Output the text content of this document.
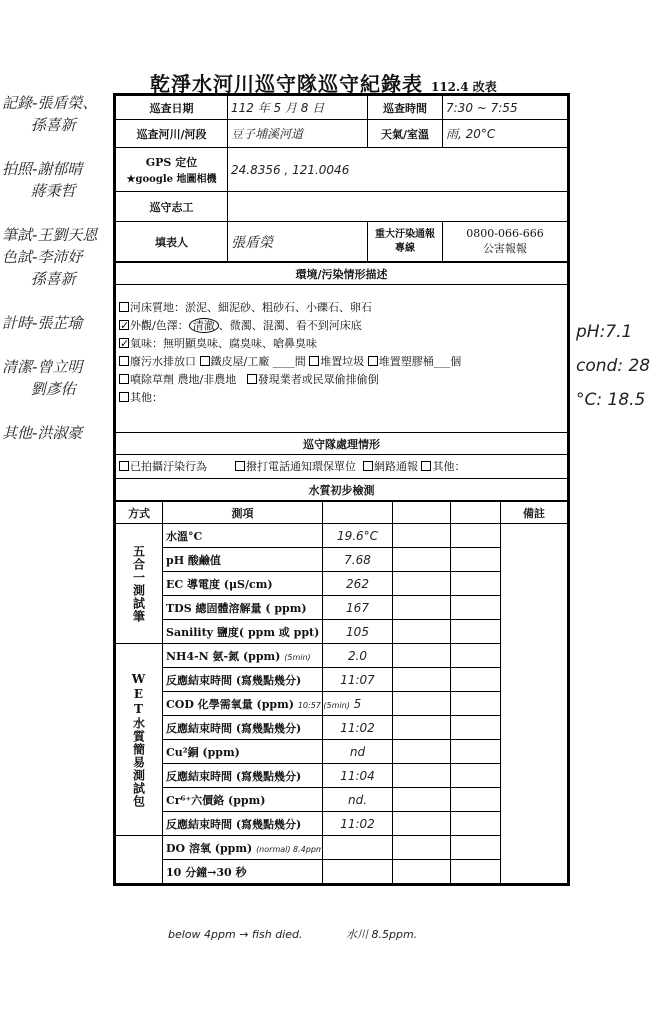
乾淨水河川巡守隊巡守紀錄表 112.4 改表
記錄-張盾榮、
孫喜新

拍照-謝郁晴
蔣秉哲

筆試-王劉天恩
色試-李沛妤
孫喜新

計時-張芷瑜

清潔-曾立明
劉彥佑

其他-洪淑豪
pH:7.1
cond: 28
°C: 18.5
巡查日期	112 年 5 月 8 日	巡查時間	7:30 ~ 7:55
巡查河川/河段	豆子埔溪河道	天氣/室溫	雨, 20°C

GPS 定位
★google 地圖相機	24.8356 , 121.0046		
巡守志工			
填表人	張盾榮	重大汙染通報專線	0800-066-666
公害報報
環境/污染情形描述

河床質地：淤泥、細泥砂、粗砂石、小礫石、卵石
✓外觀/色澤： 清澈 、微濁、混濁、看不到河床底
✓氣味：無明顯臭味、腐臭味、嗆鼻臭味
廢污水排放口 鐵皮屋/工廠 ____間 堆置垃圾 堆置塑膠桶___個
噴除草劑 農地/非農地 發現業者或民眾偷排偷倒
其他：

巡守隊處理情形
已拍攝汙染行為	撥打電話通知環保單位 網路通報 其他：
水質初步檢測
方式	測項				備註

五合一測試筆	水溫°C	19.6°C			
	pH 酸鹼值	7.68			
	EC 導電度 (μS/cm)	262			
	TDS 總固體溶解量 ( ppm)	167			
	Sanility 鹽度( ppm 或 ppt)	105			

WET水質簡易測試包	NH4-N 氨-氮 (ppm) (5min)	2.0			
	反應結束時間 (寫幾點幾分)	11:07			
	COD 化學需氧量 (ppm) 10:57 (5min)	5			
	反應結束時間 (寫幾點幾分)	11:02			
	Cu²銅 (ppm)	nd			
	反應結束時間 (寫幾點幾分)	11:04			
	Cr⁶⁺六價鉻 (ppm)	nd.			
	反應結束時間 (寫幾點幾分)	11:02			
	DO 溶氧 (ppm) (normal) 8.4ppm				
	10 分鐘→30 秒				
below 4ppm → fish died.	水川 8.5ppm.
